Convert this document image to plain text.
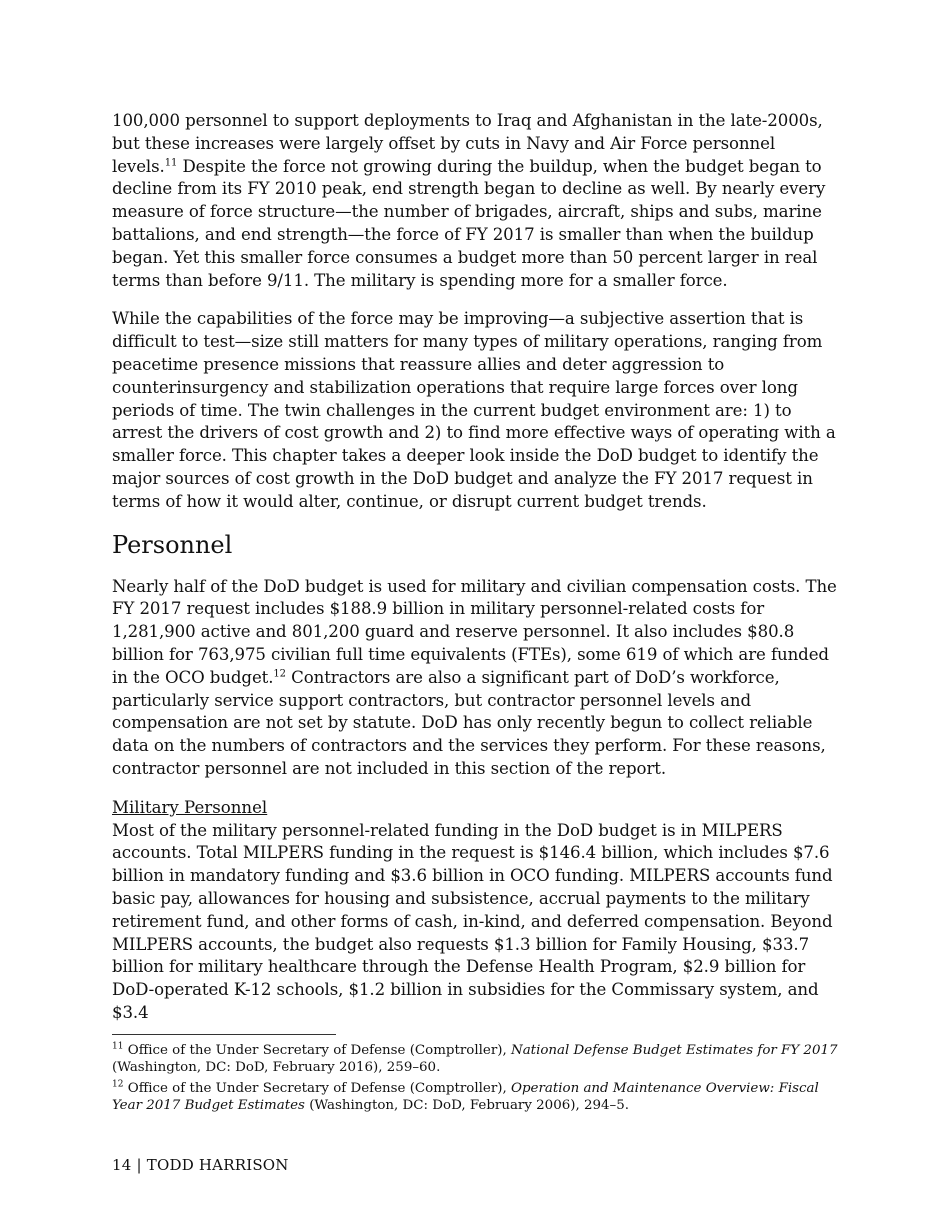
100,000 personnel to support deployments to Iraq and Afghanistan in the late-2000s, but these increases were largely offset by cuts in Navy and Air Force personnel levels.$^{11}$ Despite the force not growing during the buildup, when the budget began to decline from its FY 2010 peak, end strength began to decline as well. By nearly every measure of force structure—the number of brigades, aircraft, ships and subs, marine battalions, and end strength—the force of FY 2017 is smaller than when the buildup began. Yet this smaller force consumes a budget more than 50 percent larger in real terms than before 9/11. The military is spending more for a smaller force.

While the capabilities of the force may be improving—a subjective assertion that is difficult to test—size still matters for many types of military operations, ranging from peacetime presence missions that reassure allies and deter aggression to counterinsurgency and stabilization operations that require large forces over long periods of time. The twin challenges in the current budget environment are: 1) to arrest the drivers of cost growth and 2) to find more effective ways of operating with a smaller force. This chapter takes a deeper look inside the DoD budget to identify the major sources of cost growth in the DoD budget and analyze the FY 2017 request in terms of how it would alter, continue, or disrupt current budget trends.

Personnel

Nearly half of the DoD budget is used for military and civilian compensation costs. The FY 2017 request includes $188.9 billion in military personnel-related costs for 1,281,900 active and 801,200 guard and reserve personnel. It also includes $80.8 billion for 763,975 civilian full time equivalents (FTEs), some 619 of which are funded in the OCO budget.$^{12}$ Contractors are also a significant part of DoD’s workforce, particularly service support contractors, but contractor personnel levels and compensation are not set by statute. DoD has only recently begun to collect reliable data on the numbers of contractors and the services they perform. For these reasons, contractor personnel are not included in this section of the report.

Military Personnel

Most of the military personnel-related funding in the DoD budget is in MILPERS accounts. Total MILPERS funding in the request is $146.4 billion, which includes $7.6 billion in mandatory funding and $3.6 billion in OCO funding. MILPERS accounts fund basic pay, allowances for housing and subsistence, accrual payments to the military retirement fund, and other forms of cash, in-kind, and deferred compensation. Beyond MILPERS accounts, the budget also requests $1.3 billion for Family Housing, $33.7 billion for military healthcare through the Defense Health Program, $2.9 billion for DoD-operated K-12 schools, $1.2 billion in subsidies for the Commissary system, and $3.4

$^{11}$ Office of the Under Secretary of Defense (Comptroller), National Defense Budget Estimates for FY 2017 (Washington, DC: DoD, February 2016), 259–60.

$^{12}$ Office of the Under Secretary of Defense (Comptroller), Operation and Maintenance Overview: Fiscal Year 2017 Budget Estimates (Washington, DC: DoD, February 2006), 294–5.

14 | TODD HARRISON
